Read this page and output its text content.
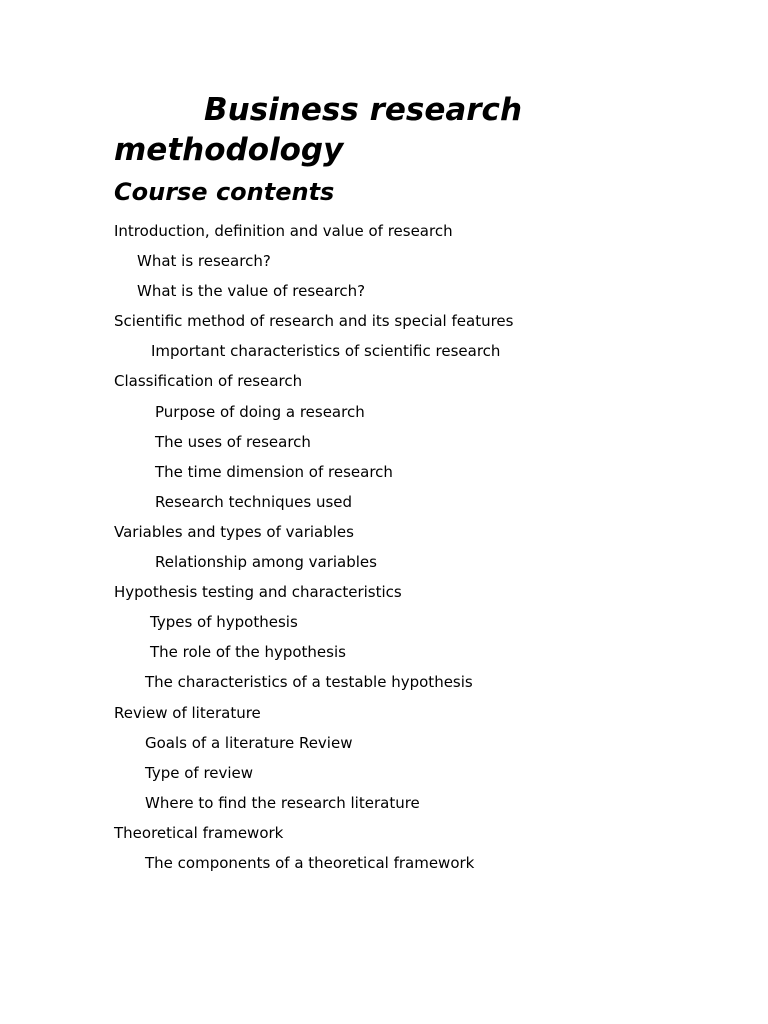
Business research
methodology
Course contents
Introduction, definition and value of research
What is research?
What is the value of research?
Scientific method of research and its special features
Important characteristics of scientific research
Classification of research
Purpose of doing a research
The uses of research
The time dimension of research
Research techniques used
Variables and types of variables
Relationship among variables
Hypothesis testing and characteristics
Types of hypothesis
The role of the hypothesis
The characteristics of a testable hypothesis
Review of literature
Goals of a literature Review
Type of review
Where to find the research literature
Theoretical framework
The components of a theoretical framework
